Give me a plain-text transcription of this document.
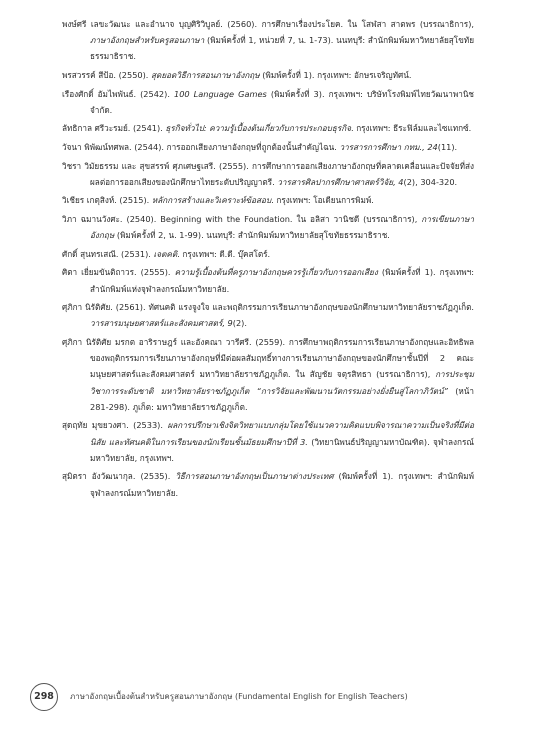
พงษ์ศรี เลขะวัฒนะ และอำนาจ บุญศิริวิบูลย์. (2560). การศึกษาเรื่องประโยค. ใน โสฬสา สาตพร (บรรณาธิการ), ภาษาอังกฤษสำหรับครูสอนภาษา (พิมพ์ครั้งที่ 1, หน่วยที่ 7, น. 1-73). นนทบุรี: สำนักพิมพ์มหาวิทยาลัยสุโขทัยธรรมาธิราช.

พรสวรรค์ สีป้อ. (2550). สุดยอดวิธีการสอนภาษาอังกฤษ (พิมพ์ครั้งที่ 1). กรุงเทพฯ: อักษรเจริญทัศน์.

เรืองศักดิ์ อัมไพพันธ์. (2542). 100 Language Games (พิมพ์ครั้งที่ 3). กรุงเทพฯ: บริษัทโรงพิมพ์ไทยวัฒนาพานิช จำกัด.

ลัทธิกาล ศรีวะรมย์. (2541). ธุรกิจทั่วไป: ความรู้เบื้องต้นเกี่ยวกับการประกอบธุรกิจ. กรุงเทพฯ: ธีระฟิล์มและไซแทกซ์.

วัจนา พิพัฒน์ทศพล. (2544). การออกเสียงภาษาอังกฤษที่ถูกต้องนั้นสำคัญไฉน. วารสารการศึกษา กทม., 24(11).

วิชรา วิมัยธรรม และ สุขสรรพ์ ศุภเศษฐเสรี. (2555). การศึกษาการออกเสียงภาษาอังกฤษที่คลาดเคลื่อนและปัจจัยที่ส่งผลต่อการออกเสียงของนักศึกษาไทยระดับปริญญาตรี. วารสารศิลปากรศึกษาศาสตร์วิจัย, 4(2), 304-320.

วิเชียร เกตุสิงห์. (2515). หลักการสร้างและวิเคราะห์ข้อสอบ. กรุงเทพฯ: โอเดียนการพิมพ์.

วิภา ฉมานวังศะ. (2540). Beginning with the Foundation. ใน อลิสา วานิชดี (บรรณาธิการ), การเขียนภาษาอังกฤษ (พิมพ์ครั้งที่ 2, น. 1-99). นนทบุรี: สำนักพิมพ์มหาวิทยาลัยสุโขทัยธรรมาธิราช.

ศักดิ์ สุนทรเสณี. (2531). เจตคติ. กรุงเทพฯ: ดี.ดี. บุ๊คสโตร์.

ศิตา เยี่ยมขันติถาวร. (2555). ความรู้เบื้องต้นที่ครูภาษาอังกฤษควรรู้เกี่ยวกับการออกเสียง (พิมพ์ครั้งที่ 1). กรุงเทพฯ: สำนักพิมพ์แห่งจุฬาลงกรณ์มหาวิทยาลัย.

ศุภิกา นิรัติศัย. (2561). ทัศนคติ แรงจูงใจ และพฤติกรรมการเรียนภาษาอังกฤษของนักศึกษามหาวิทยาลัยราชภัฏภูเก็ต. วารสารมนุษยศาสตร์และสังคมศาสตร์, 9(2).

ศุภิกา นิรัติศัย มรกต อาริราษฎร์ และอังคณา วารีศรี. (2559). การศึกษาพฤติกรรมการเรียนภาษาอังกฤษและอิทธิพลของพฤติกรรมการเรียนภาษาอังกฤษที่มีต่อผลสัมฤทธิ์ทางการเรียนภาษาอังกฤษของนักศึกษาชั้นปีที่ 2 คณะมนุษยศาสตร์และสังคมศาสตร์ มหาวิทยาลัยราชภัฏภูเก็ต. ใน สัญชัย จตุรสิทธา (บรรณาธิการ), การประชุมวิชาการระดับชาติ มหาวิทยาลัยราชภัฏภูเก็ต “การวิจัยและพัฒนานวัตกรรมอย่างยั่งยืนสู่โลกาภิวัตน์” (หน้า 281-298). ภูเก็ต: มหาวิทยาลัยราชภัฏภูเก็ต.

สุดฤทัย มุขยวงศา. (2533). ผลการปรึกษาเชิงจิตวิทยาแบบกลุ่มโดยใช้แนวความคิดแบบพิจารณาความเป็นจริงที่มีต่อนิสัย และทัศนคติในการเรียนของนักเรียนชั้นมัธยมศึกษาปีที่ 3. (วิทยานิพนธ์ปริญญามหาบัณฑิต). จุฬาลงกรณ์มหาวิทยาลัย, กรุงเทพฯ.

สุมิตรา อังวัฒนากุล. (2535). วิธีการสอนภาษาอังกฤษเป็นภาษาต่างประเทศ (พิมพ์ครั้งที่ 1). กรุงเทพฯ: สำนักพิมพ์จุฬาลงกรณ์มหาวิทยาลัย.

298	ภาษาอังกฤษเบื้องต้นสำหรับครูสอนภาษาอังกฤษ (Fundamental English for English Teachers)
